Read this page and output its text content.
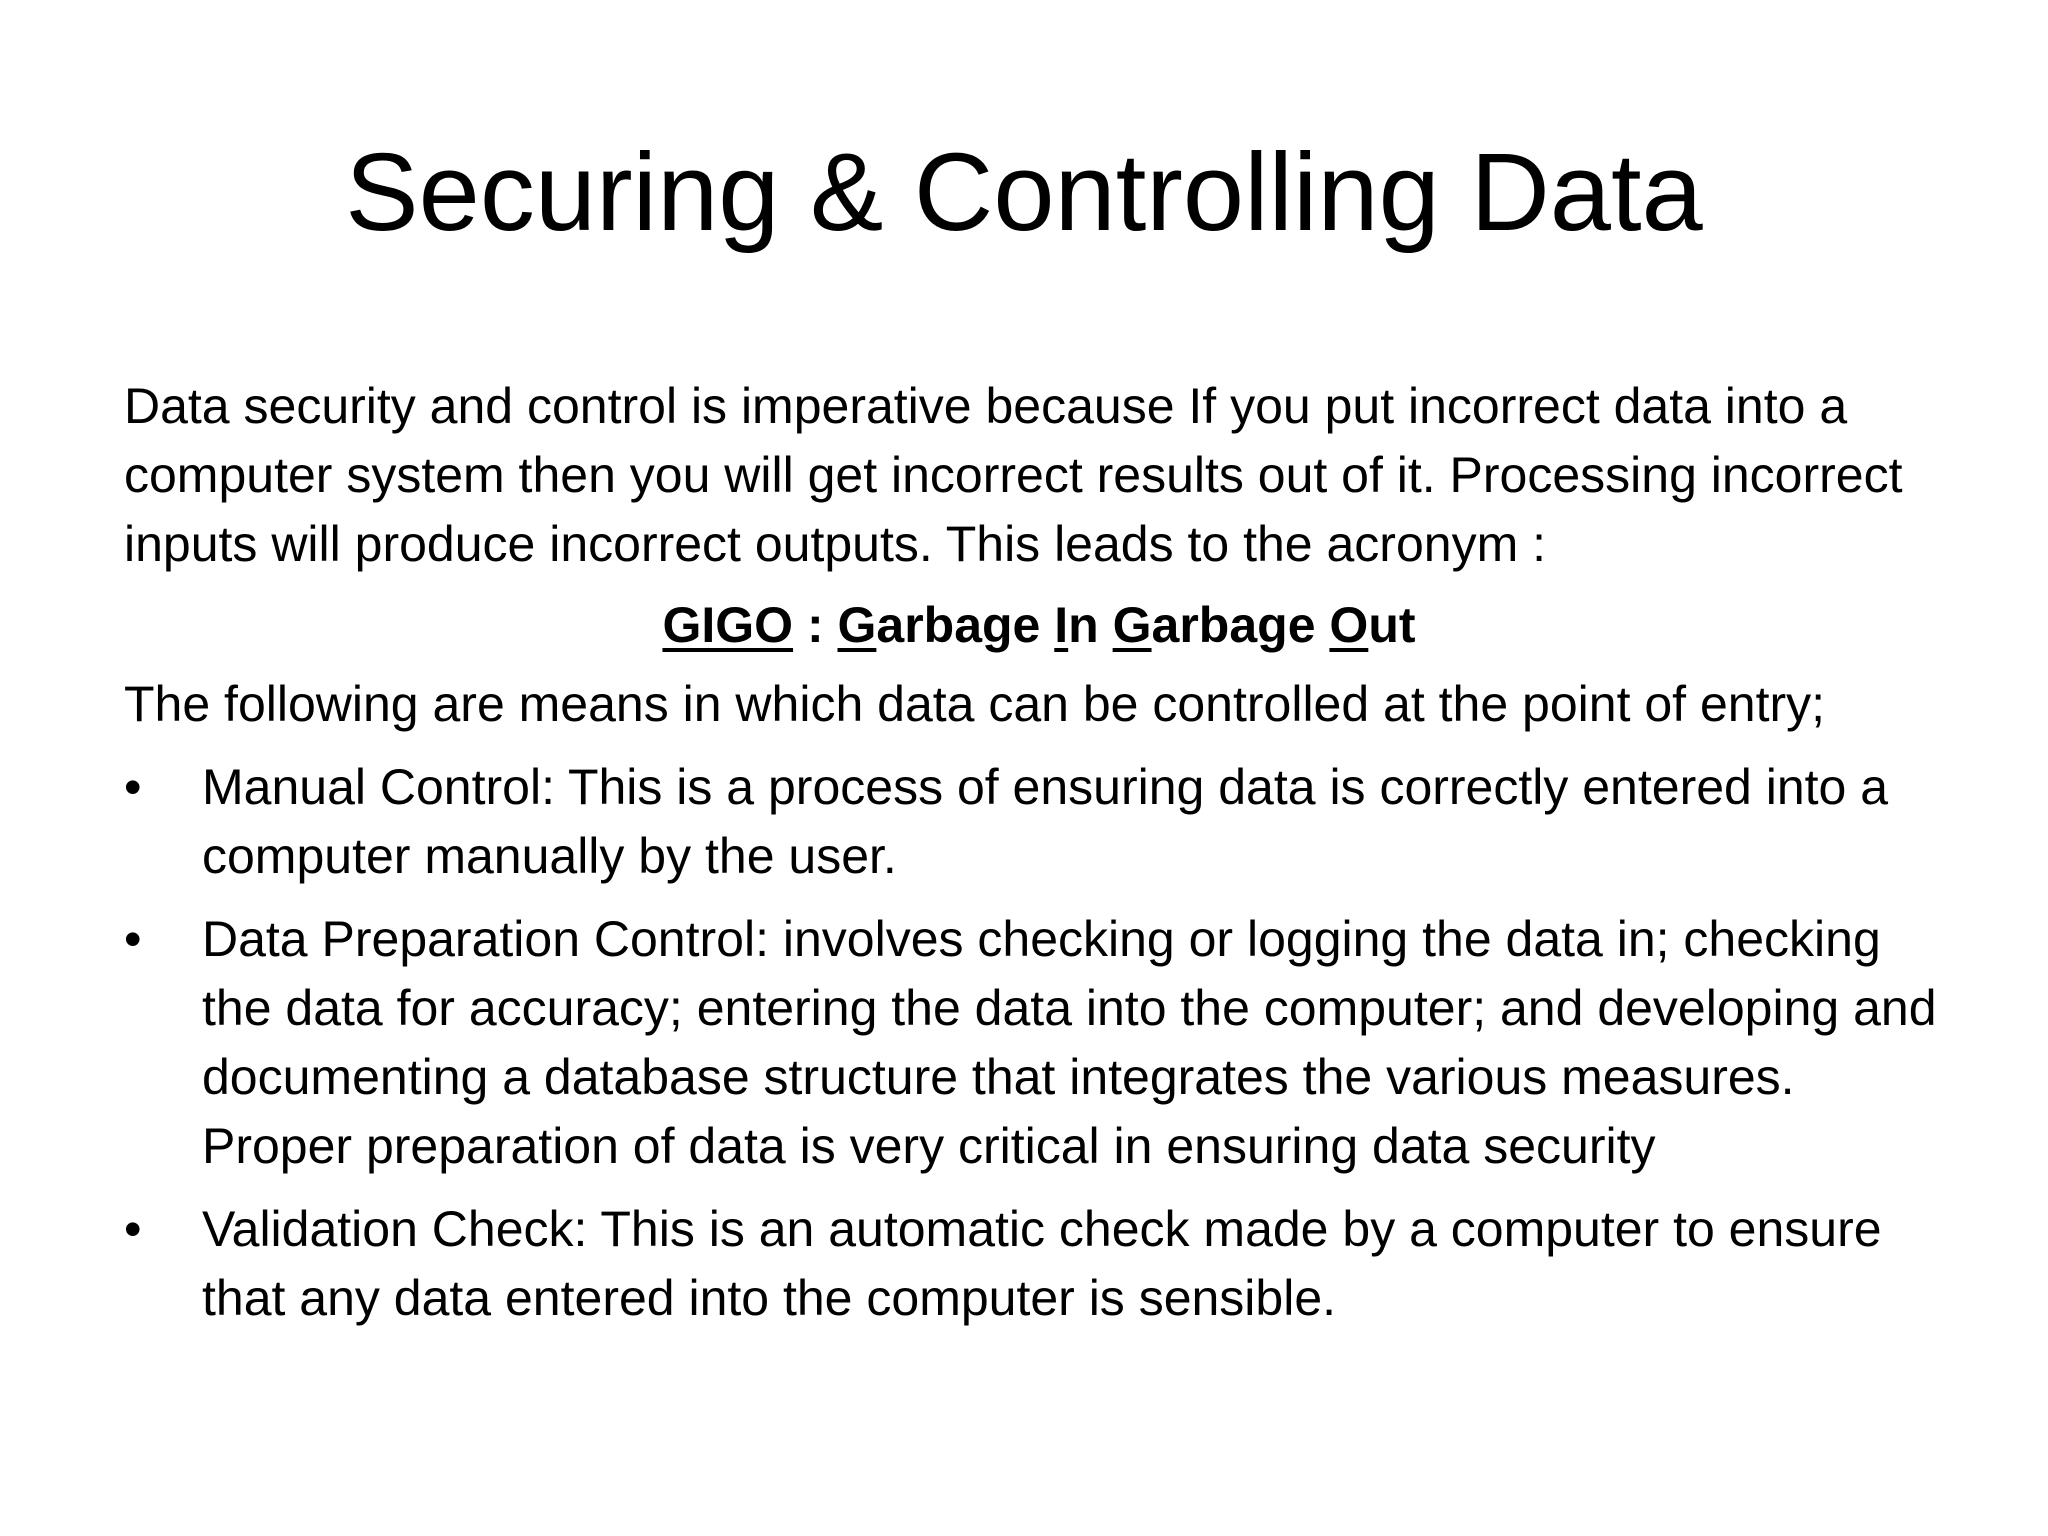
Securing & Controlling Data

Data security and control is imperative because If you put incorrect data into a computer system then you will get incorrect results out of it. Processing incorrect inputs will produce incorrect outputs. This leads to the acronym :

GIGO : Garbage In Garbage Out

The following are means in which data can be controlled at the point of entry;

•	Manual Control: This is a process of ensuring data is correctly entered into a computer manually by the user.
•	Data Preparation Control: involves checking or logging the data in; checking the data for accuracy; entering the data into the computer; and developing and documenting a database structure that integrates the various measures. Proper preparation of data is very critical in ensuring data security
•	Validation Check: This is an automatic check made by a computer to ensure that any data entered into the computer is sensible.
